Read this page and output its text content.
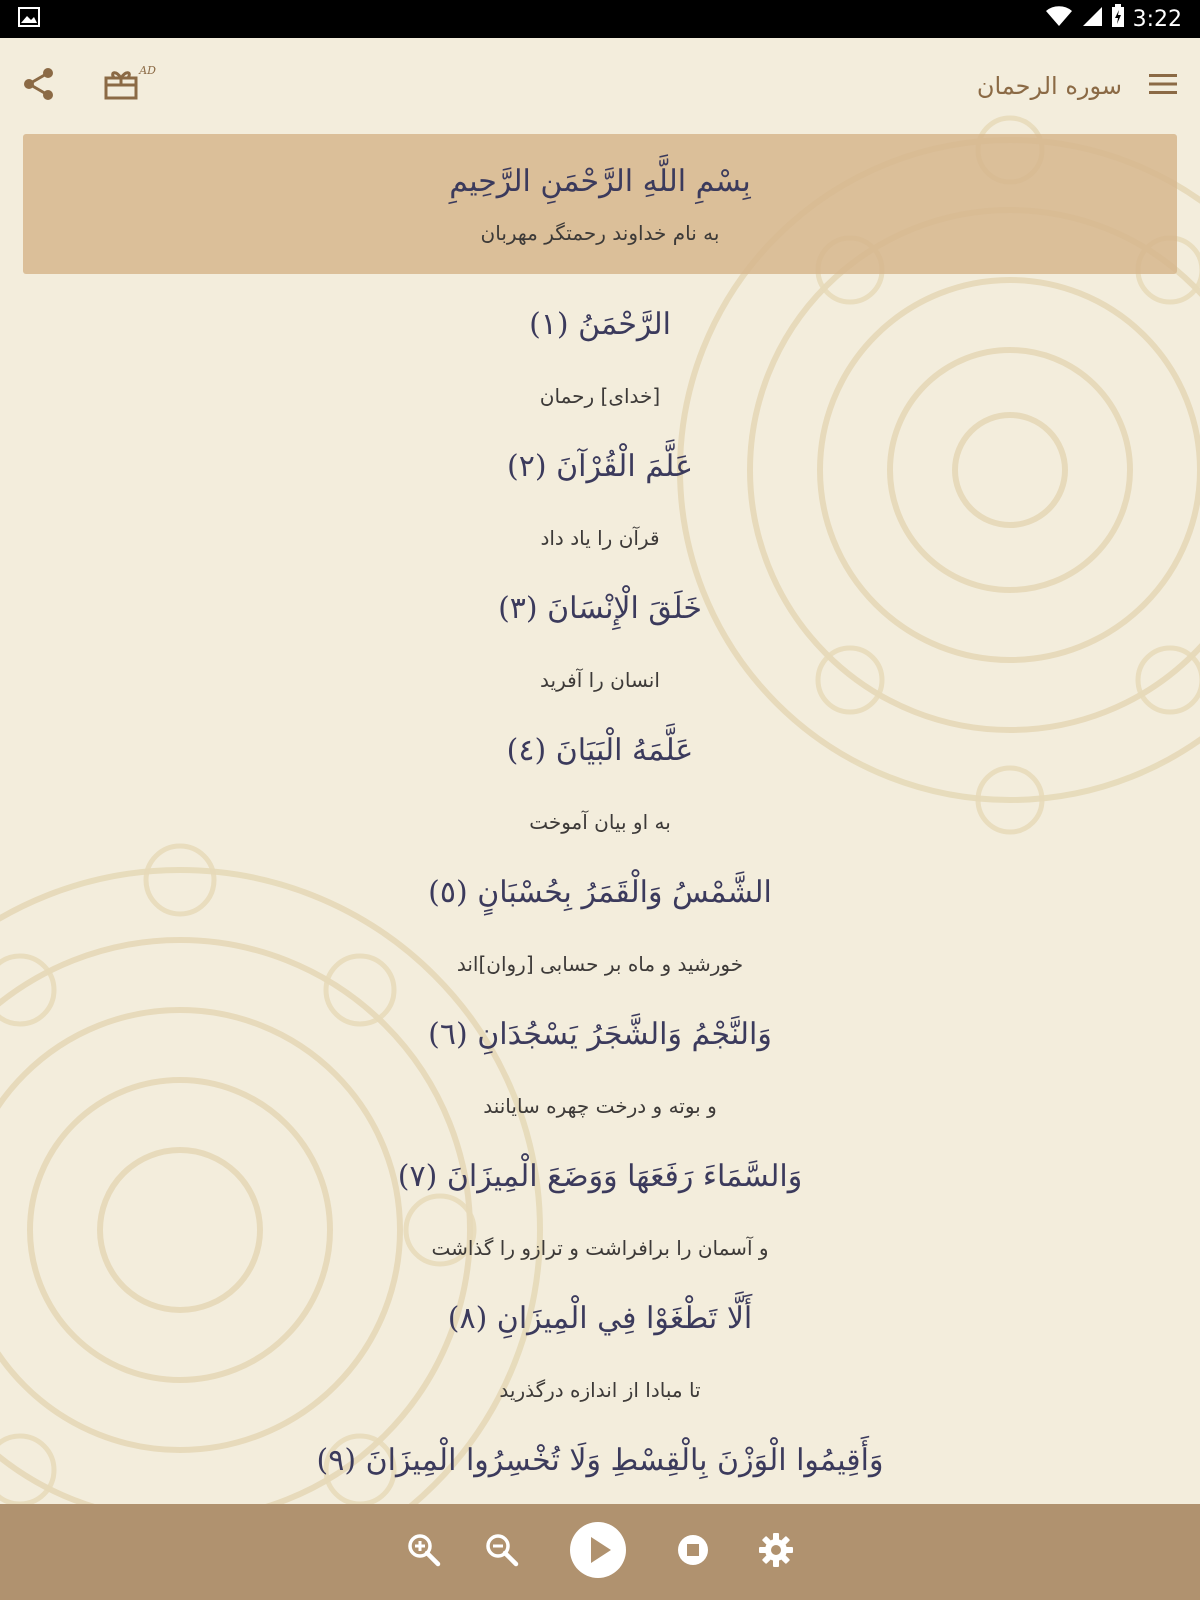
3:22
AD
سوره الرحمان
بِسْمِ اللَّهِ الرَّحْمَنِ الرَّحِيمِ
به نام خداوند رحمتگر مهربان
الرَّحْمَنُ (١)
[خدای] رحمان
عَلَّمَ الْقُرْآنَ (٢)
قرآن را یاد داد
خَلَقَ الْإِنْسَانَ (٣)
انسان را آفرید
عَلَّمَهُ الْبَيَانَ (٤)
به او بیان آموخت
الشَّمْسُ وَالْقَمَرُ بِحُسْبَانٍ (٥)
خورشید و ماه بر حسابی [روان]اند
وَالنَّجْمُ وَالشَّجَرُ يَسْجُدَانِ (٦)
و بوته و درخت چهره سایانند
وَالسَّمَاءَ رَفَعَهَا وَوَضَعَ الْمِيزَانَ (٧)
و آسمان را برافراشت و ترازو را گذاشت
أَلَّا تَطْغَوْا فِي الْمِيزَانِ (٨)
تا مبادا از اندازه درگذرید
وَأَقِيمُوا الْوَزْنَ بِالْقِسْطِ وَلَا تُخْسِرُوا الْمِيزَانَ (٩)
